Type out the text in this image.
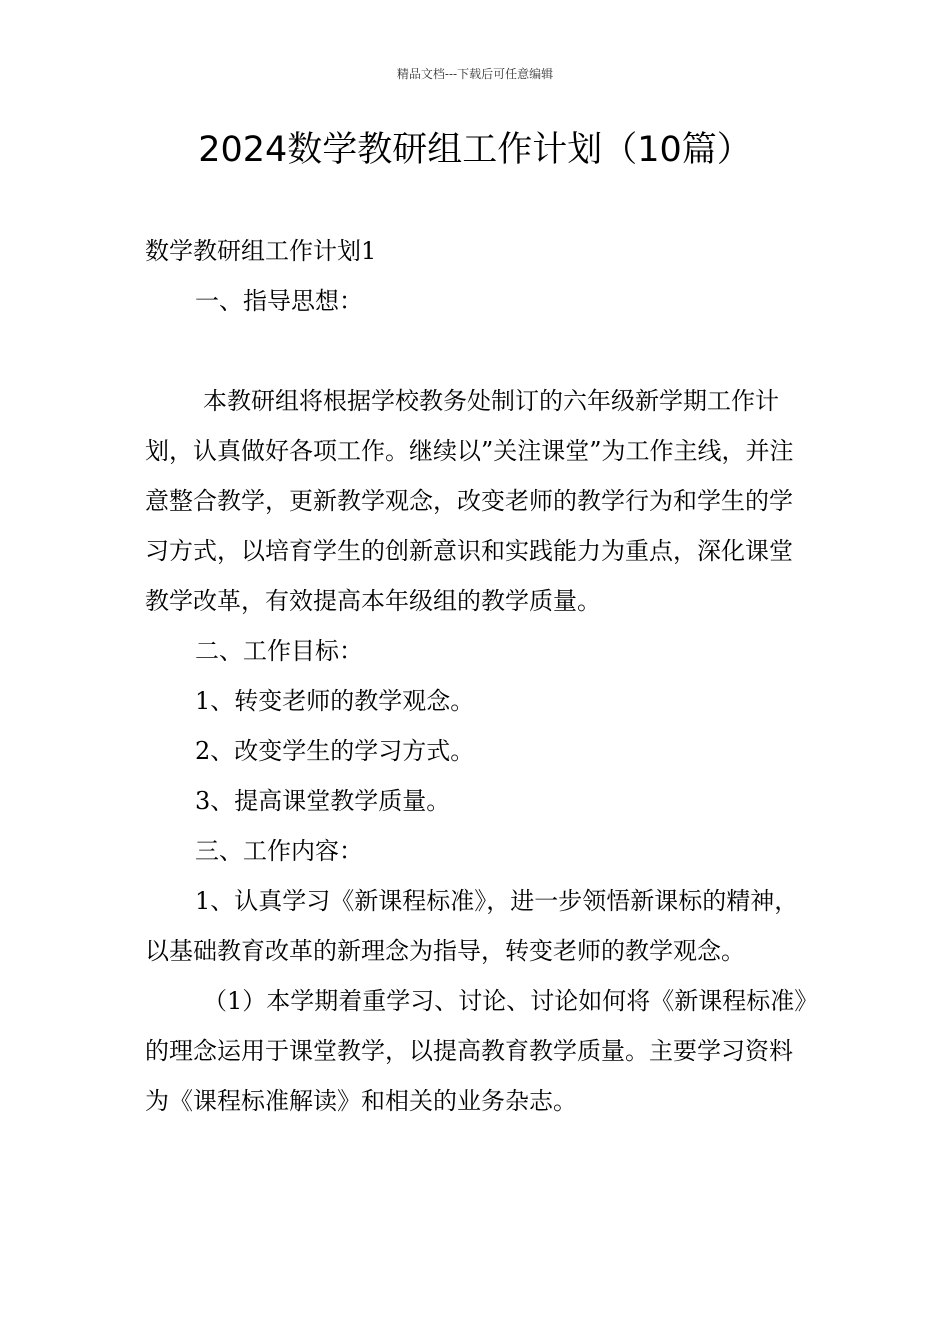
精品文档---下载后可任意编辑
2024数学教研组工作计划（10篇）

数学教研组工作计划1

一、指导思想：

本教研组将根据学校教务处制订的六年级新学期工作计划，认真做好各项工作。继续以”关注课堂”为工作主线，并注意整合教学，更新教学观念，改变老师的教学行为和学生的学习方式，以培育学生的创新意识和实践能力为重点，深化课堂教学改革，有效提高本年级组的教学质量。

二、工作目标：

1、转变老师的教学观念。

2、改变学生的学习方式。

3、提高课堂教学质量。

三、工作内容：

1、认真学习《新课程标准》，进一步领悟新课标的精神，以基础教育改革的新理念为指导，转变老师的教学观念。

（1）本学期着重学习、讨论、讨论如何将《新课程标准》的理念运用于课堂教学，以提高教育教学质量。主要学习资料为《课程标准解读》和相关的业务杂志。
